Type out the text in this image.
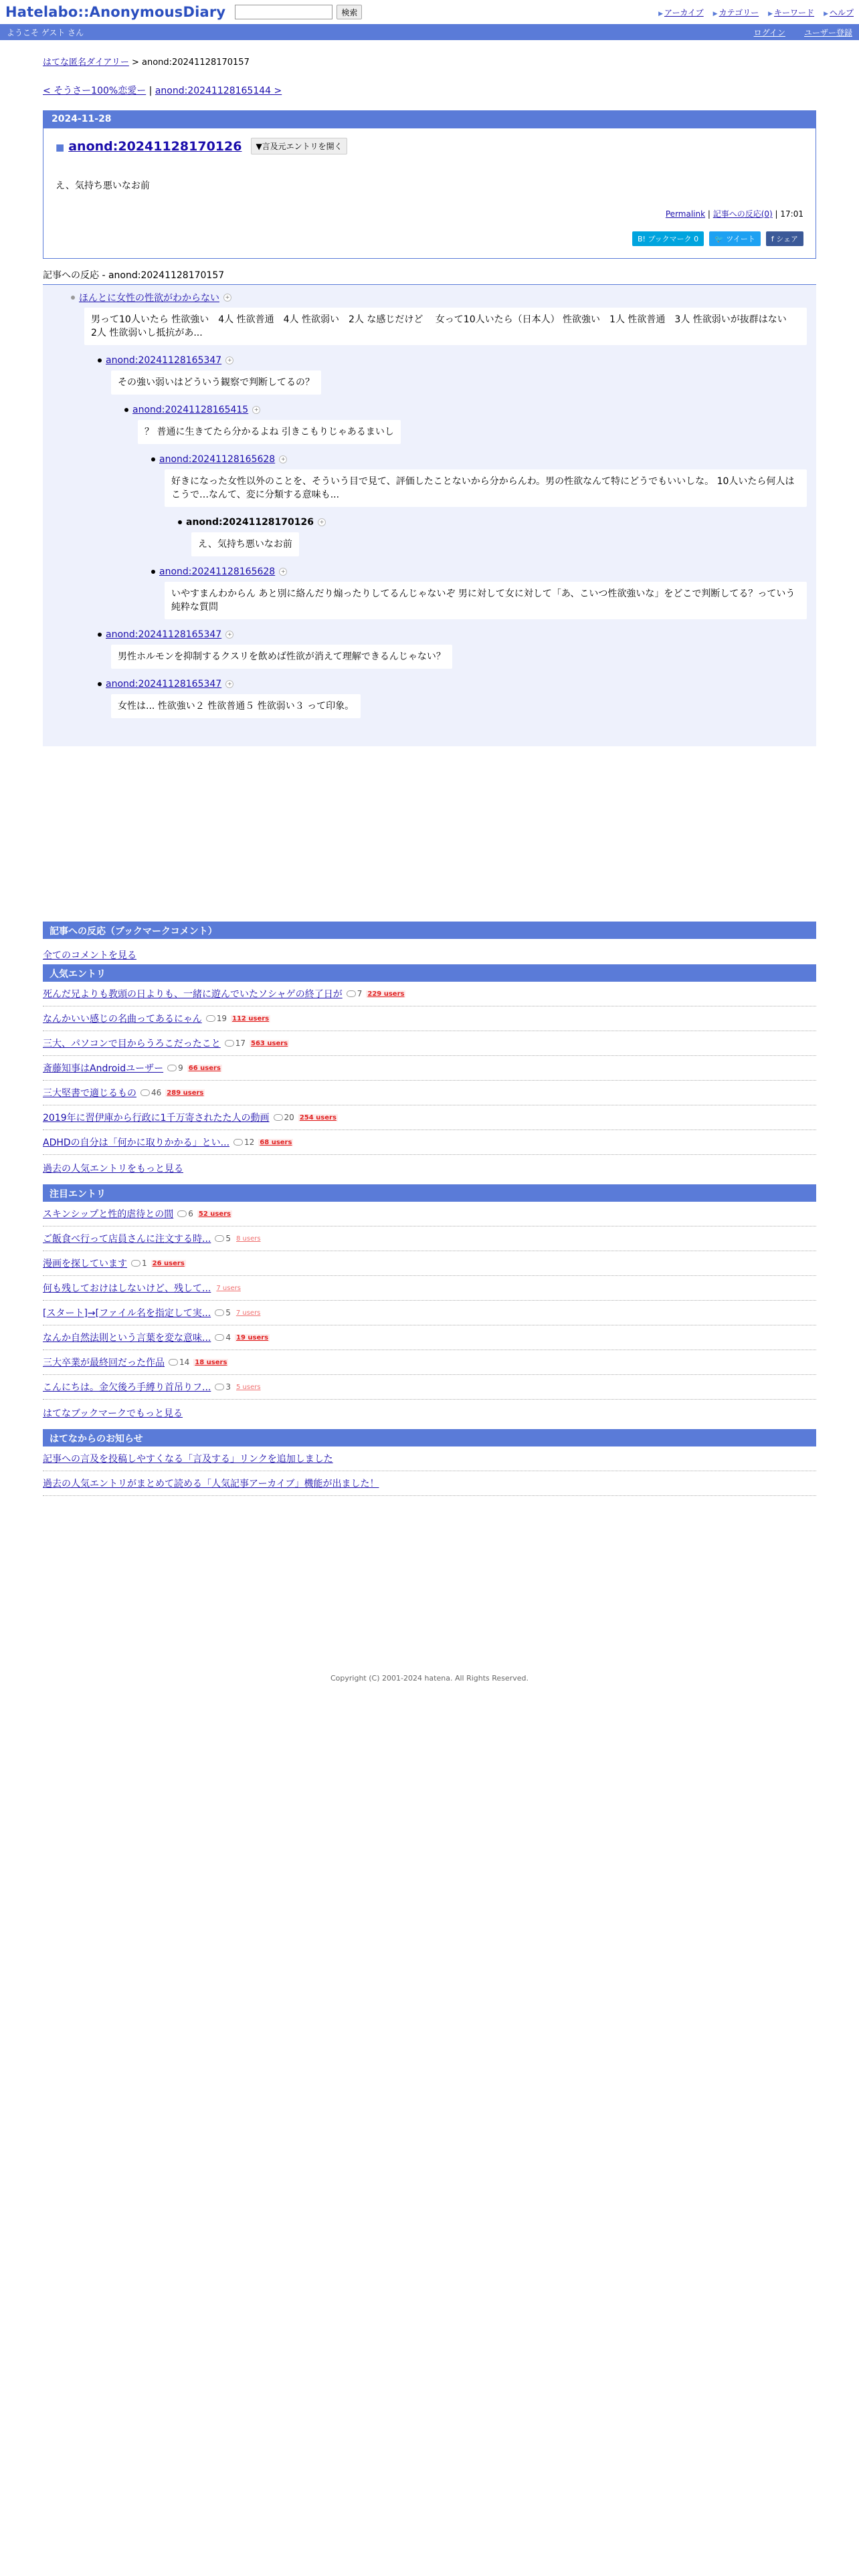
Hatelabo::AnonymousDiary	検索	▶ アーカイブ ▶ カテゴリー ▶ キーワード ▶ ヘルプ
ようこそ ゲスト さん	ログイン ユーザー登録
はてな匿名ダイアリー > anond:20241128170157
< そうさー100%恋愛ー | anond:20241128165144 >
2024-11-28
■ anond:20241128170126	▼言及元エントリを開く
え、気持ち悪いなお前
Permalink | 記事への反応(0) | 17:01
B! ブックマーク 0	🐦 ツイート	f シェア
記事への反応 - anond:20241128170157
ほんとに女性の性欲がわからない	+
男って10人いたら 性欲強い　4人 性欲普通　4人 性欲弱い　2人 な感じだけど　 女って10人いたら（日本人） 性欲強い　1人 性欲普通　3人 性欲弱いが抜群はない　2人 性欲弱いし抵抗があ...
anond:20241128165347	+
その強い弱いはどういう観察で判断してるの？
anond:20241128165415	+
？ 普通に生きてたら分かるよね 引きこもりじゃあるまいし
anond:20241128165628	+
好きになった女性以外のことを、そういう目で見て、評価したことないから分からんわ。男の性欲なんて特にどうでもいいしな。 10人いたら何人はこうで…なんて、変に分類する意味も...
anond:20241128170126	+
え、気持ち悪いなお前
anond:20241128165628	+
いやすまんわからん あと別に絡んだり煽ったりしてるんじゃないぞ 男に対して女に対して「あ、こいつ性欲強いな」をどこで判断してる？っていう純粋な質問
anond:20241128165347	+
男性ホルモンを抑制するクスリを飲めば性欲が消えて理解できるんじゃない？
anond:20241128165347	+
女性は... 性欲強い２ 性欲普通５ 性欲弱い３ って印象。
記事への反応（ブックマークコメント）
全てのコメントを見る
人気エントリ
死んだ兄よりも教頭の日よりも、一緒に遊んでいたソシャゲの終了日が 7 229 users
なんかいい感じの名曲ってあるにゃん 19 112 users
三大、パソコンで目からうろこだったこと 17 563 users
斎藤知事はAndroidユーザー 9 66 users
三大堅書で適じるもの 46 289 users
2019年に習伊庫から行政に1千万寄されたた人の動画 20 254 users
ADHDの自分は「何かに取りかかる」とい... 12 68 users
過去の人気エントリをもっと見る
注目エントリ
スキンシップと性的虐待との間 6 52 users
ご飯食べ行って店員さんに注文する時... 5 8 users
漫画を探しています 1 26 users
何も残しておけはしないけど、残して... 7 users
[スタート]→[ファイル名を指定して実... 5 7 users
なんか自然法則という言葉を変な意味... 4 19 users
三大卒業が最終回だった作品 14 18 users
こんにちは。金欠後ろ手縛り首吊りフ... 3 5 users
はてなブックマークでもっと見る
はてなからのお知らせ
記事への言及を投稿しやすくなる「言及する」リンクを追加しました
過去の人気エントリがまとめて読める「人気記事アーカイブ」機能が出ました！
Copyright (C) 2001-2024 hatena. All Rights Reserved.
